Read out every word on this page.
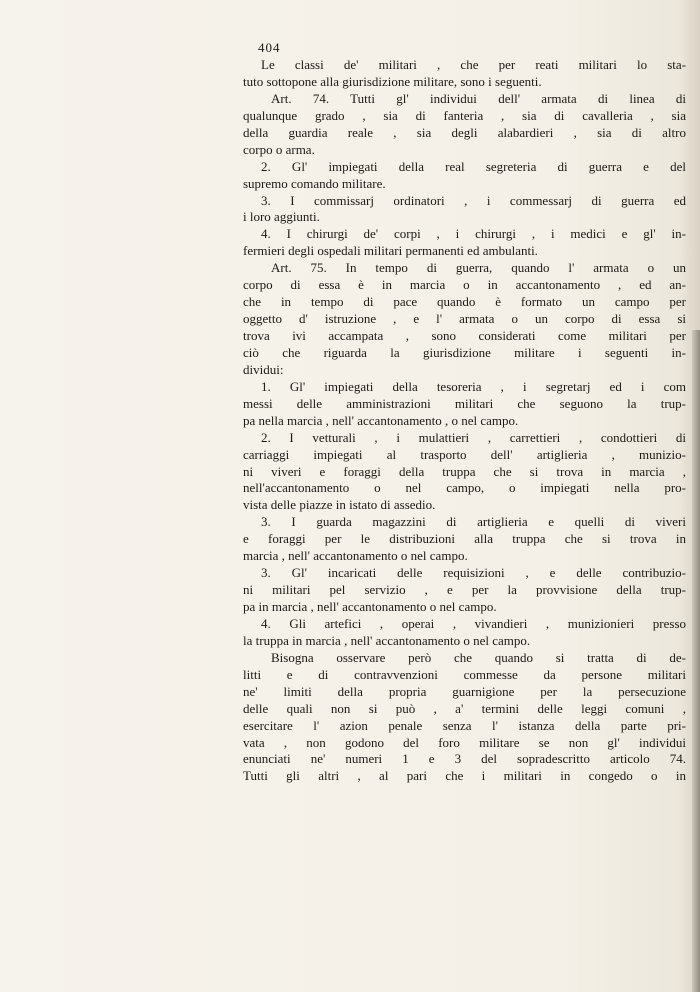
404
Le classi de' militari , che per reati militari lo sta-
tuto sottopone alla giurisdizione militare, sono i seguenti.
Art. 74. Tutti gl' individui dell' armata di linea di
qualunque grado , sia di fanteria , sia di cavalleria , sia
della guardia reale , sia degli alabardieri , sia di altro
corpo o arma.
2. Gl' impiegati della real segreteria di guerra e del
supremo comando militare.
3. I commissarj ordinatori , i commessarj di guerra ed
i loro aggiunti.
4. I chirurgi de' corpi , i chirurgi , i medici e gl' in-
fermieri degli ospedali militari permanenti ed ambulanti.
Art. 75. In tempo di guerra, quando l' armata o un
corpo di essa è in marcia o in accantonamento , ed an-
che in tempo di pace quando è formato un campo per
oggetto d' istruzione , e l' armata o un corpo di essa si
trova ivi accampata , sono considerati come militari per
ciò che riguarda la giurisdizione militare i seguenti in-
dividui:
1. Gl' impiegati della tesoreria , i segretarj ed i com
messi delle amministrazioni militari che seguono la trup-
pa nella marcia , nell' accantonamento , o nel campo.
2. I vetturali , i mulattieri , carrettieri , condottieri di
carriaggi impiegati al trasporto dell' artiglieria , munizio-
ni viveri e foraggi della truppa che si trova in marcia ,
nell'accantonamento o nel campo, o impiegati nella pro-
vista delle piazze in istato di assedio.
3. I guarda magazzini di artiglieria e quelli di viveri
e foraggi per le distribuzioni alla truppa che si trova in
marcia , nell' accantonamento o nel campo.
3. Gl' incaricati delle requisizioni , e delle contribuzio-
ni militari pel servizio , e per la provvisione della trup-
pa in marcia , nell' accantonamento o nel campo.
4. Gli artefici , operai , vivandieri , munizionieri presso
la truppa in marcia , nell' accantonamento o nel campo.
Bisogna osservare però che quando si tratta di de-
litti e di contravvenzioni commesse da persone militari
ne' limiti della propria guarnigione per la persecuzione
delle quali non si può , a' termini delle leggi comuni ,
esercitare l' azion penale senza l' istanza della parte pri-
vata , non godono del foro militare se non gl' individui
enunciati ne' numeri 1 e 3 del sopradescritto articolo 74.
Tutti gli altri , al pari che i militari in congedo o in
